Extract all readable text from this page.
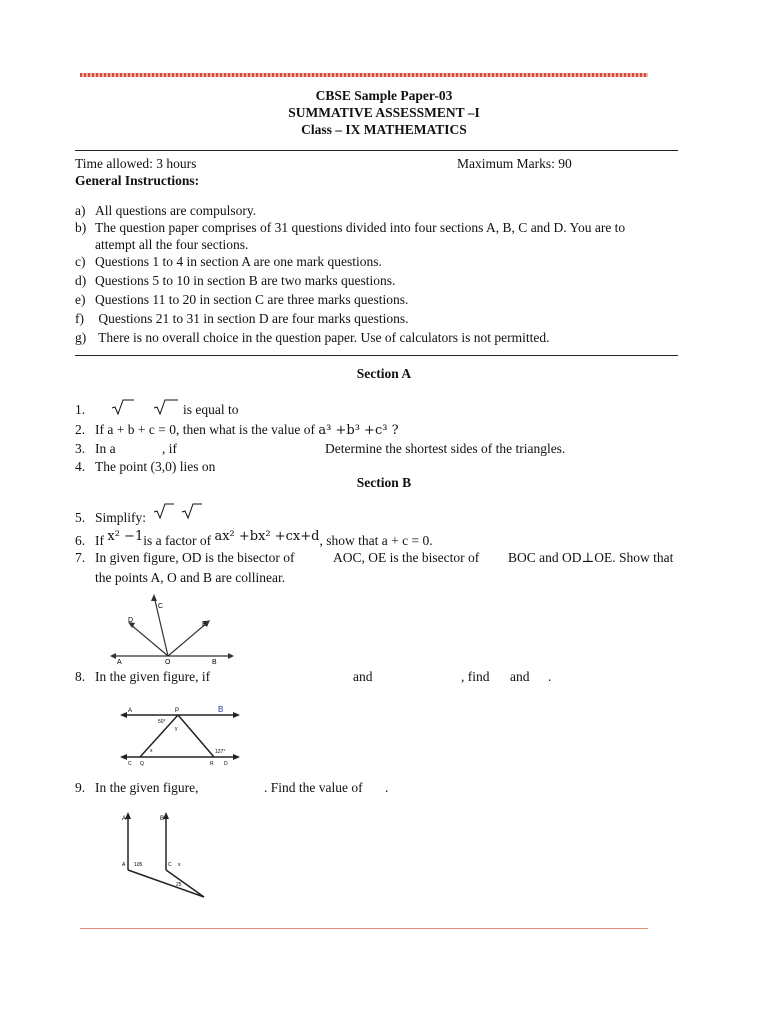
CBSE Sample Paper-03
SUMMATIVE ASSESSMENT –I
Class – IX MATHEMATICS
Time allowed: 3 hours	Maximum Marks: 90
General Instructions:
a) All questions are compulsory.
b) The question paper comprises of 31 questions divided into four sections A, B, C and D. You are to
attempt all the four sections.
c) Questions 1 to 4 in section A are one mark questions.
d) Questions 5 to 10 in section B are two marks questions.
e) Questions 11 to 20 in section C are three marks questions.
f) Questions 21 to 31 in section D are four marks questions.
g) There is no overall choice in the question paper. Use of calculators is not permitted.
Section A
1.	is equal to
2. If a + b + c = 0, then what is the value of a³ +b³ +c³ ?
3. In a	, if	Determine the shortest sides of the triangles.
4. The point (3,0) lies on
Section B
5. Simplify:
6. If x² −1is a factor of ax² +bx² +cx+d, show that a + c = 0.
7. In given figure, OD is the bisector of	AOC, OE is the bisector of BOC and OD⊥OE. Show that
the points A, O and B are collinear.
A	O	B
C
D
E
8. In the given figure, if	and	, find and .
A	P	B
50°
y
x	127°
C Q	R D
9. In the given figure,	. Find the value of .
A	B
A 105	C x
25
